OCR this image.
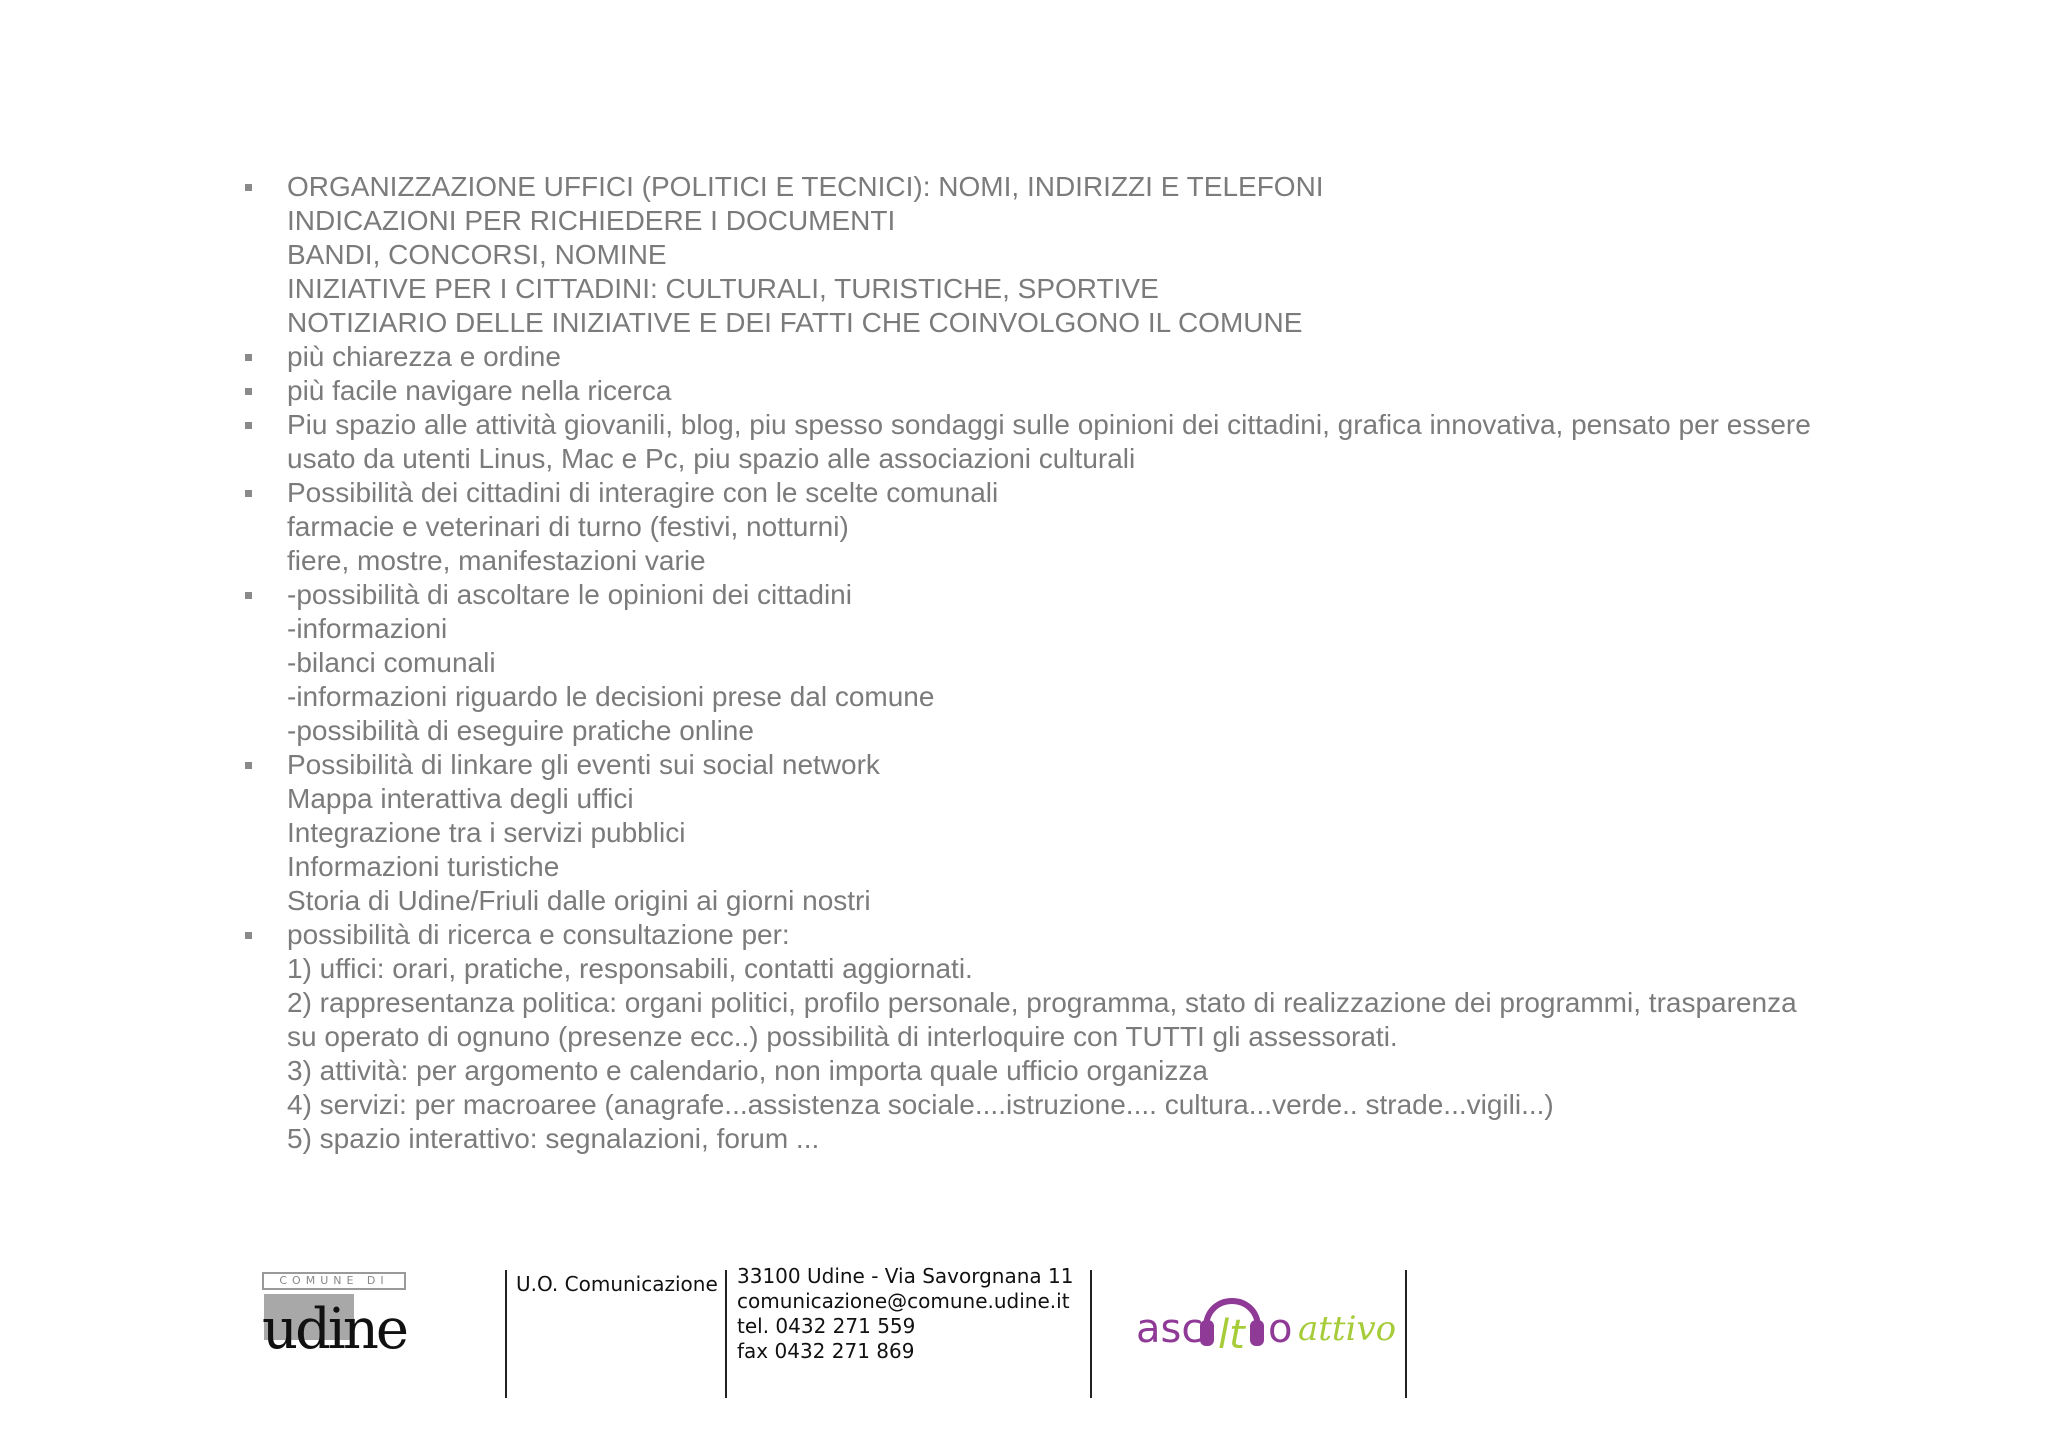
ORGANIZZAZIONE UFFICI (POLITICI E TECNICI): NOMI, INDIRIZZI E TELEFONI
INDICAZIONI PER RICHIEDERE I DOCUMENTI
BANDI, CONCORSI, NOMINE
INIZIATIVE PER I CITTADINI: CULTURALI, TURISTICHE, SPORTIVE
NOTIZIARIO DELLE INIZIATIVE E DEI FATTI CHE COINVOLGONO IL COMUNE
più chiarezza e ordine
più facile navigare nella ricerca
Piu spazio alle attività giovanili, blog, piu spesso sondaggi sulle opinioni dei cittadini, grafica innovativa, pensato per essere
usato da utenti Linus, Mac e Pc, piu spazio alle associazioni culturali
Possibilità dei cittadini di interagire con le scelte comunali
farmacie e veterinari di turno (festivi, notturni)
fiere, mostre, manifestazioni varie
-possibilità di ascoltare le opinioni dei cittadini
-informazioni
-bilanci comunali
-informazioni riguardo le decisioni prese dal comune
-possibilità di eseguire pratiche online
Possibilità di linkare gli eventi sui social network
Mappa interattiva degli uffici
Integrazione tra i servizi pubblici
Informazioni turistiche
Storia di Udine/Friuli dalle origini ai giorni nostri
possibilità di ricerca e consultazione per:
1) uffici: orari, pratiche, responsabili, contatti aggiornati.
2) rappresentanza politica: organi politici, profilo personale, programma, stato di realizzazione dei programmi, trasparenza
su operato di ognuno (presenze ecc..) possibilità di interloquire con TUTTI gli assessorati.
3) attività: per argomento e calendario, non importa quale ufficio organizza
4) servizi: per macroaree (anagrafe...assistenza sociale....istruzione.... cultura...verde.. strade...vigili...)
5) spazio interattivo: segnalazioni, forum ...
COMUNE DI
udine
U.O. Comunicazione 33100 Udine - Via Savorgnana 11
comunicazione@comune.udine.it
tel. 0432 271 559
fax 0432 271 869	asc lt o attivo
